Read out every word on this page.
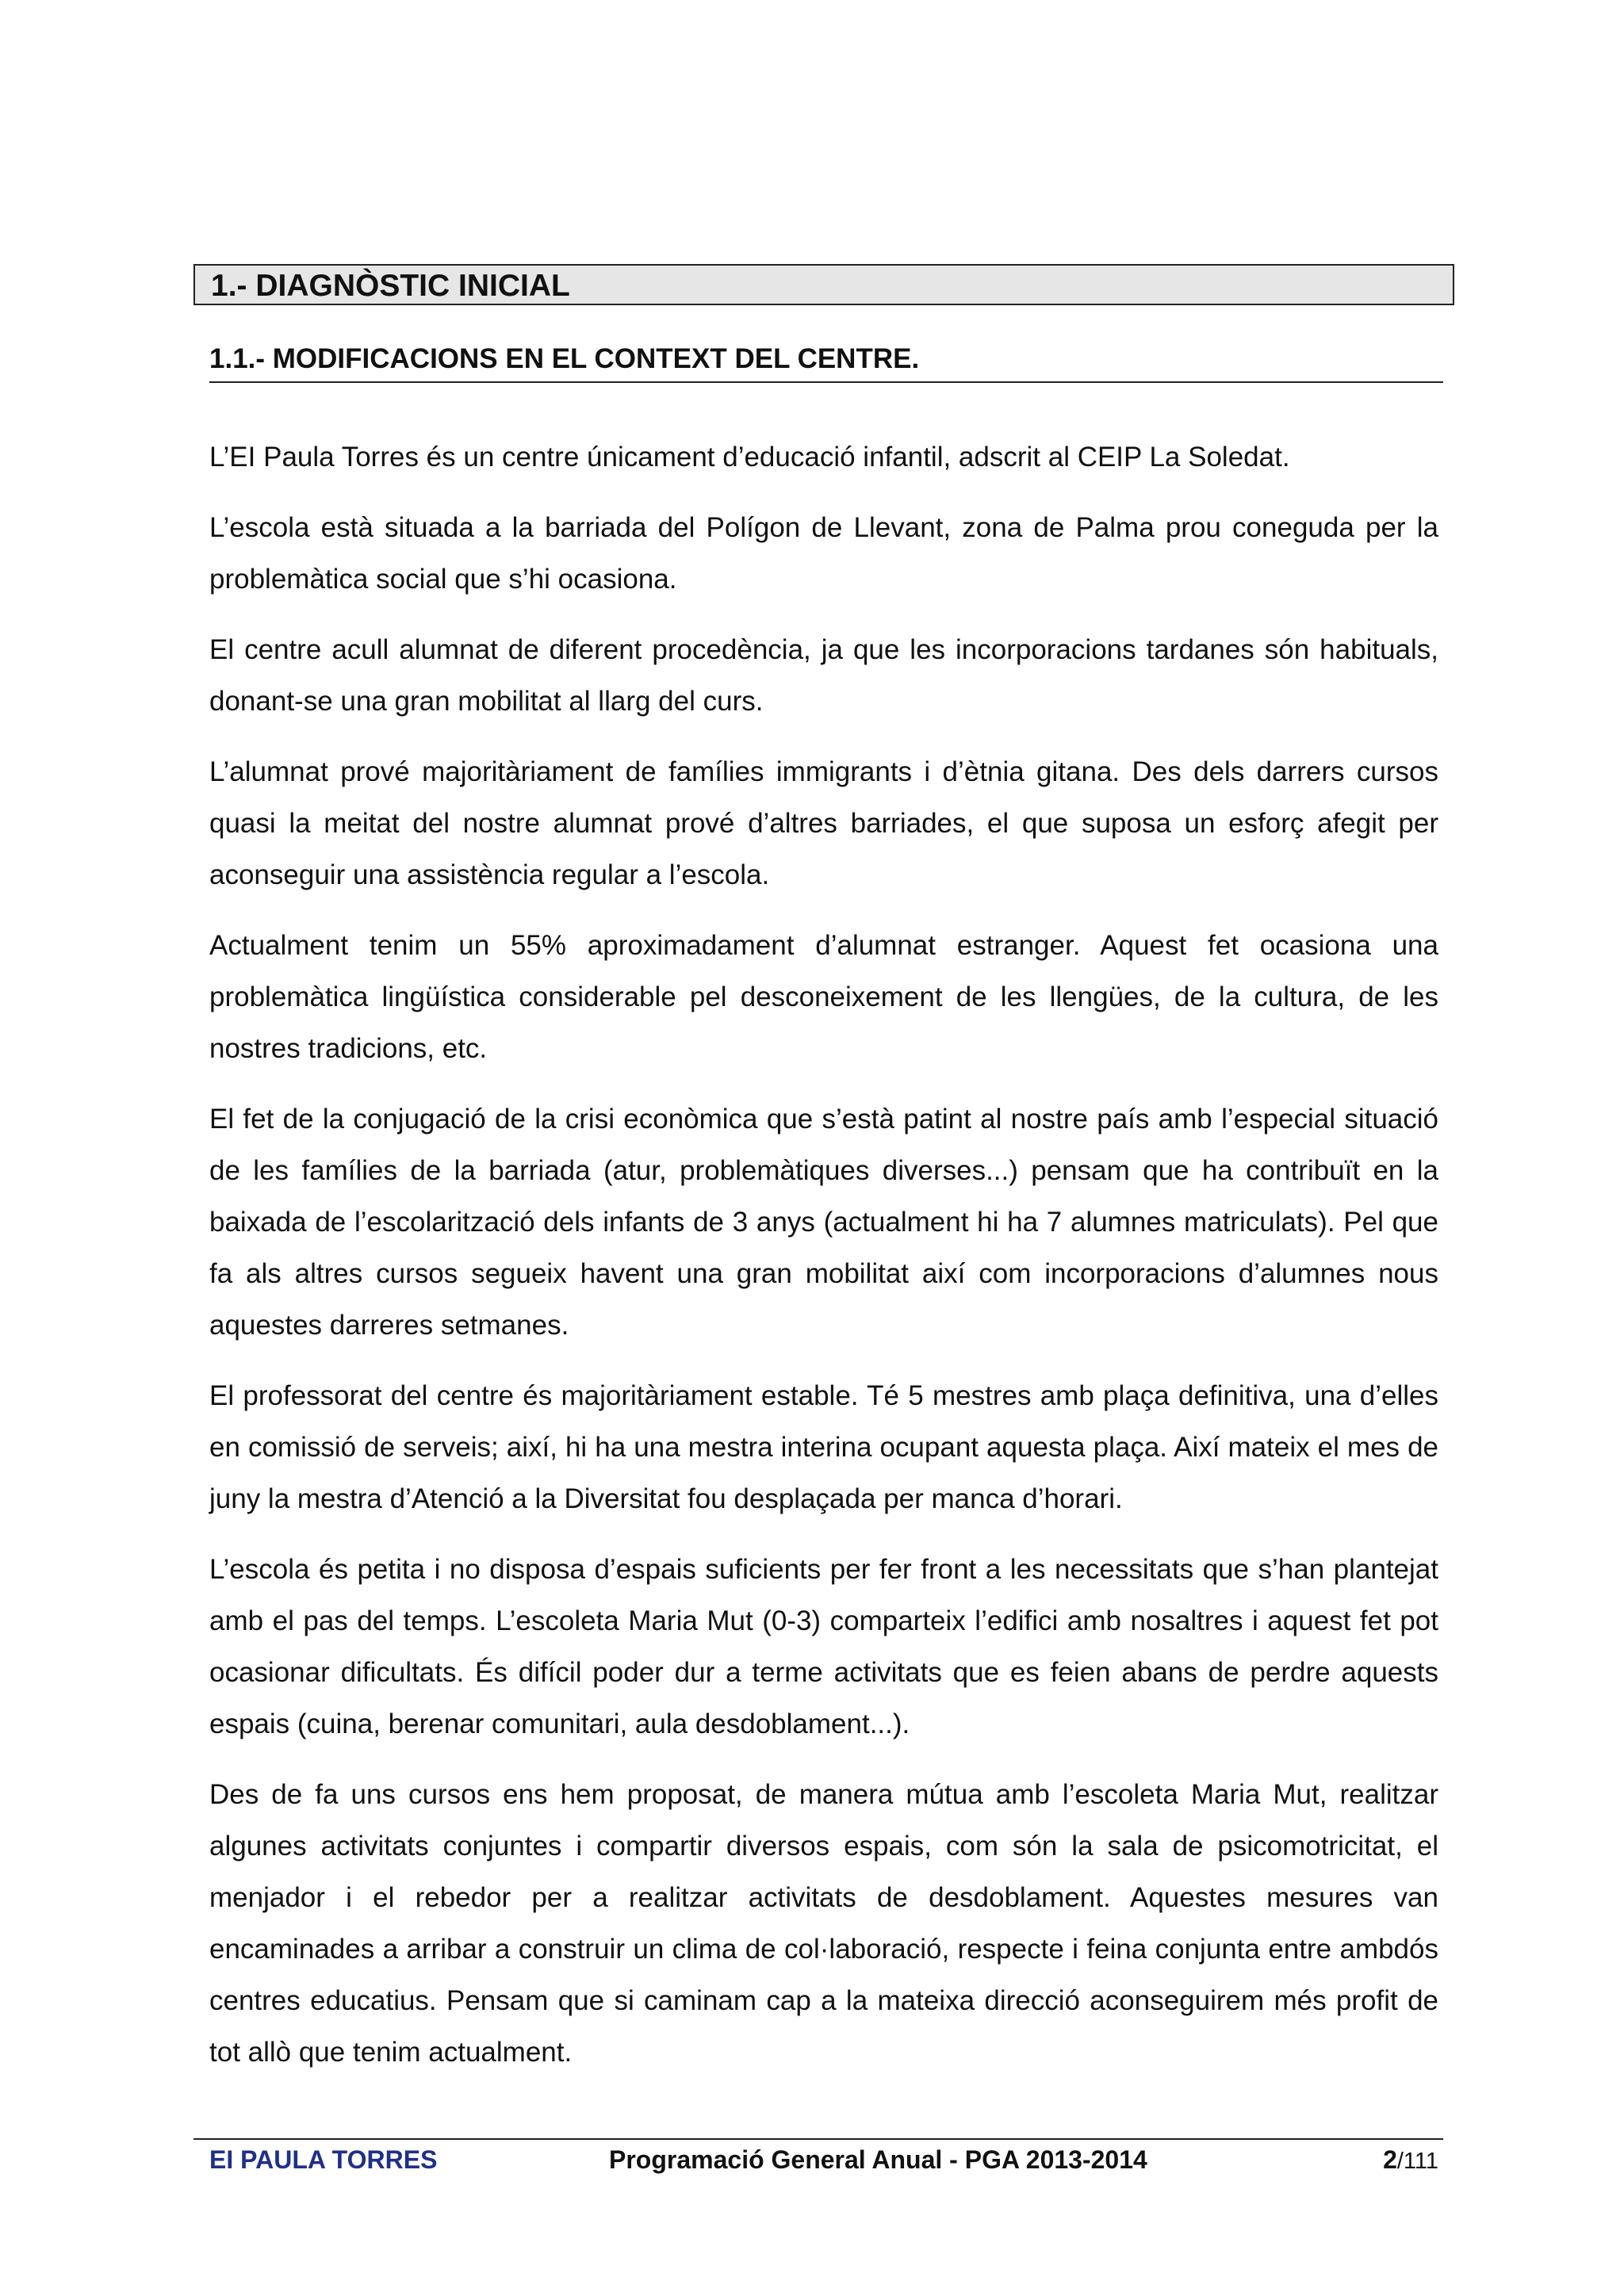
1.- DIAGNÒSTIC INICIAL
1.1.- MODIFICACIONS EN EL CONTEXT DEL CENTRE.

L’EI Paula Torres és un centre únicament d’educació infantil, adscrit al CEIP La Soledat.

L’escola està situada a la barriada del Polígon de Llevant, zona de Palma prou coneguda per la problemàtica social que s’hi ocasiona.

El centre acull alumnat de diferent procedència, ja que les incorporacions tardanes són habituals, donant-se una gran mobilitat al llarg del curs.

L’alumnat prové majoritàriament de famílies immigrants i d’ètnia gitana. Des dels darrers cursos quasi la meitat del nostre alumnat prové d’altres barriades, el que suposa un esforç afegit per aconseguir una assistència regular a l’escola.

Actualment tenim un 55% aproximadament d’alumnat estranger. Aquest fet ocasiona una problemàtica lingüística considerable pel desconeixement de les llengües, de la cultura, de les nostres tradicions, etc.

El fet de la conjugació de la crisi econòmica que s’està patint al nostre país amb l’especial situació de les famílies de la barriada (atur, problemàtiques diverses...) pensam que ha contribuït en la baixada de l’escolarització dels infants de 3 anys (actualment hi ha 7 alumnes matriculats). Pel que fa als altres cursos segueix havent una gran mobilitat així com incorporacions d’alumnes nous aquestes darreres setmanes.

El professorat del centre és majoritàriament estable. Té 5 mestres amb plaça definitiva, una d’elles en comissió de serveis; així, hi ha una mestra interina ocupant aquesta plaça. Així mateix el mes de juny la mestra d’Atenció a la Diversitat fou desplaçada per manca d’horari.

L’escola és petita i no disposa d’espais suficients per fer front a les necessitats que s’han plantejat amb el pas del temps. L’escoleta Maria Mut (0-3) comparteix l’edifici amb nosaltres i aquest fet pot ocasionar dificultats. És difícil poder dur a terme activitats que es feien abans de perdre aquests espais (cuina, berenar comunitari, aula desdoblament...).

Des de fa uns cursos ens hem proposat, de manera mútua amb l’escoleta Maria Mut, realitzar algunes activitats conjuntes i compartir diversos espais, com són la sala de psicomotricitat, el menjador i el rebedor per a realitzar activitats de desdoblament. Aquestes mesures van encaminades a arribar a construir un clima de col·laboració, respecte i feina conjunta entre ambdós centres educatius. Pensam que si caminam cap a la mateixa direcció aconseguirem més profit de tot allò que tenim actualment.

EI PAULA TORRES	Programació General Anual - PGA 2013-2014	2/111
